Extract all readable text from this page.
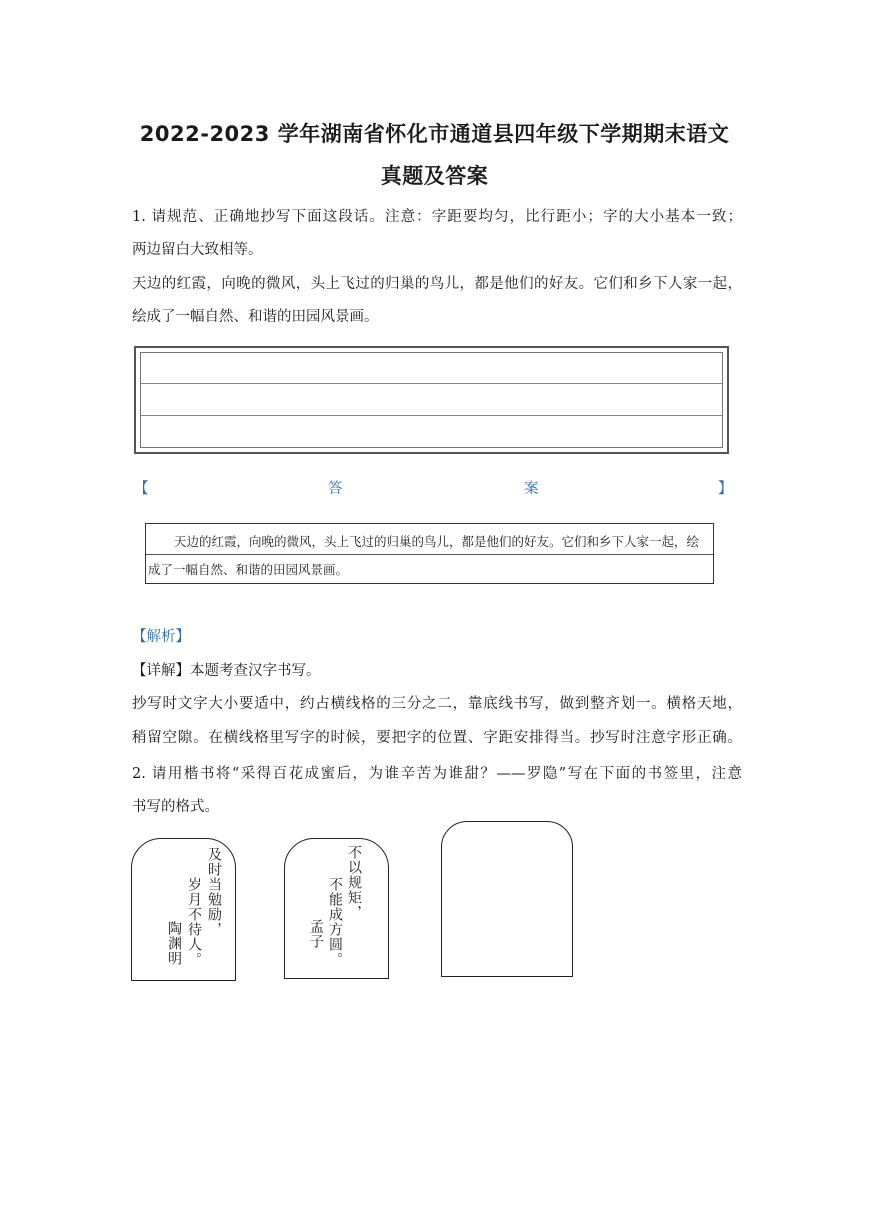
2022-2023 学年湖南省怀化市通道县四年级下学期期末语文
真题及答案
1. 请规范、正确地抄写下面这段话。注意：字距要均匀，比行距小；字的大小基本一致；
两边留白大致相等。
天边的红霞，向晚的微风，头上飞过的归巢的鸟儿，都是他们的好友。它们和乡下人家一起，
绘成了一幅自然、和谐的田园风景画。
【	答	案	】
天边的红霞，向晚的微风，头上飞过的归巢的鸟儿，都是他们的好友。它们和乡下人家一起，绘
成了一幅自然、和谐的田园风景画。
【解析】
【详解】本题考查汉字书写。
抄写时文字大小要适中，约占横线格的三分之二，靠底线书写，做到整齐划一。横格天地，
稍留空隙。在横线格里写字的时候，要把字的位置、字距安排得当。抄写时注意字形正确。
2. 请用楷书将“采得百花成蜜后，为谁辛苦为谁甜？——罗隐”写在下面的书签里，注意
书写的格式。
及时当勉励，
岁月不待人。
陶渊明
不以规矩，
不能成方圆。
孟子
